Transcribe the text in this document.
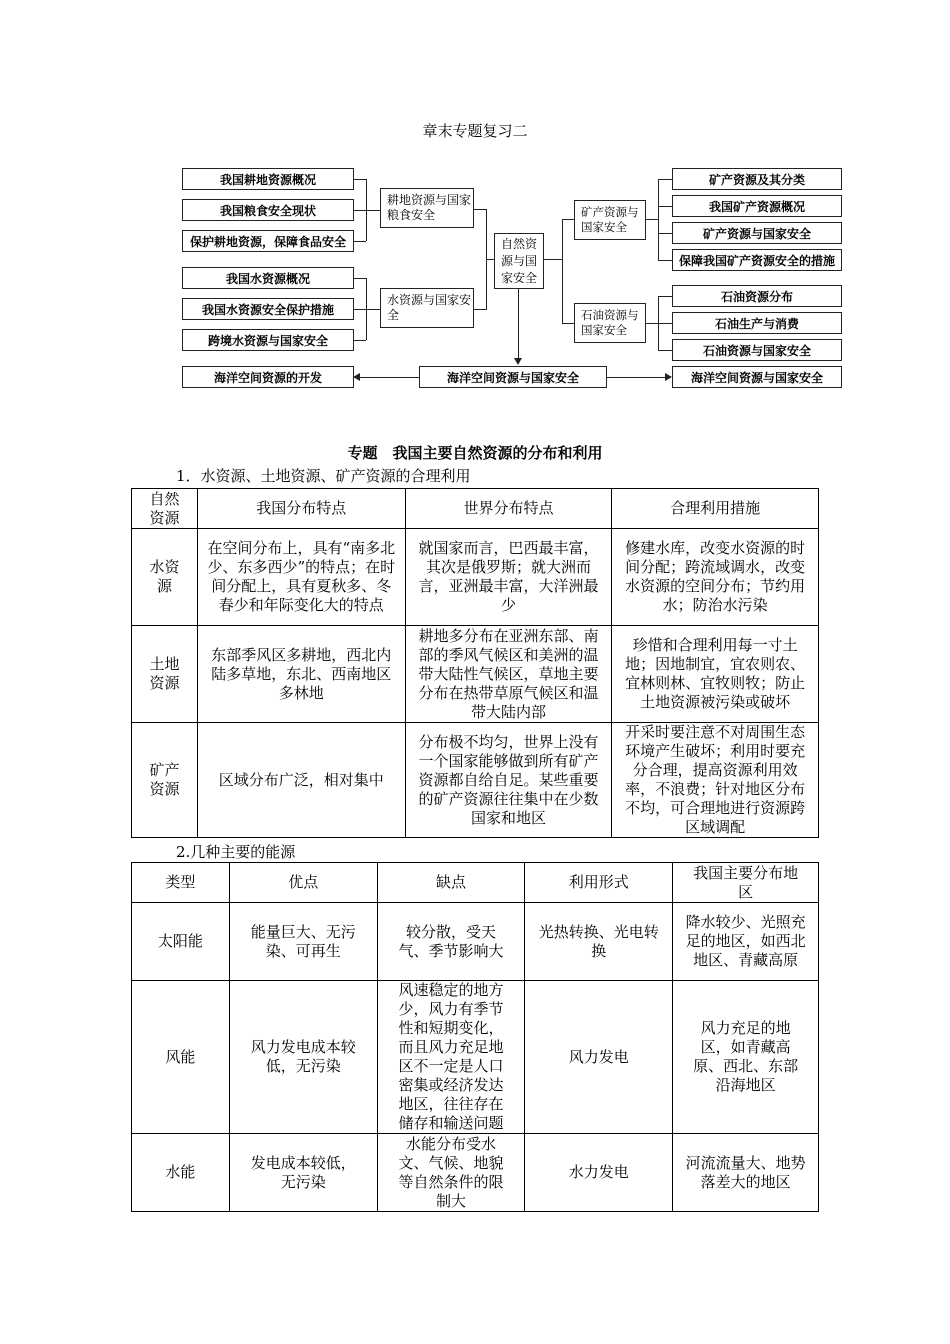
章末专题复习二
我国耕地资源概况
我国粮食安全现状
保护耕地资源，保障食品安全
耕地资源与国家粮食安全
我国水资源概况
我国水资源安全保护措施
跨境水资源与国家安全
水资源与国家安全
自然资源与国家安全
矿产资源与国家安全
石油资源与国家安全
矿产资源及其分类
我国矿产资源概况
矿产资源与国家安全
保障我国矿产资源安全的措施
石油资源分布
石油生产与消费
石油资源与国家安全
海洋空间资源与国家安全
海洋空间资源的开发	海洋空间资源与国家安全
专题　我国主要自然资源的分布和利用
1．水资源、土地资源、矿产资源的合理利用
自然资源	我国分布特点	世界分布特点	合理利用措施
水资源	在空间分布上，具有“南多北少、东多西少”的特点；在时间分配上，具有夏秋多、冬春少和年际变化大的特点	就国家而言，巴西最丰富，其次是俄罗斯；就大洲而言，亚洲最丰富，大洋洲最少	修建水库，改变水资源的时间分配；跨流域调水，改变水资源的空间分布；节约用水；防治水污染
土地资源	东部季风区多耕地，西北内陆多草地，东北、西南地区多林地	耕地多分布在亚洲东部、南部的季风气候区和美洲的温带大陆性气候区，草地主要分布在热带草原气候区和温带大陆内部	珍惜和合理利用每一寸土地；因地制宜，宜农则农、宜林则林、宜牧则牧；防止土地资源被污染或破坏
矿产资源	区域分布广泛，相对集中	分布极不均匀，世界上没有一个国家能够做到所有矿产资源都自给自足。某些重要的矿产资源往往集中在少数国家和地区	开采时要注意不对周围生态环境产生破坏；利用时要充分合理，提高资源利用效率，不浪费；针对地区分布不均，可合理地进行资源跨区域调配
2.几种主要的能源
类型	优点	缺点	利用形式	我国主要分布地区
太阳能	能量巨大、无污染、可再生	较分散，受天气、季节影响大	光热转换、光电转换	降水较少、光照充足的地区，如西北地区、青藏高原
风能	风力发电成本较低，无污染	风速稳定的地方少，风力有季节性和短期变化，而且风力充足地区不一定是人口密集或经济发达地区，往往存在储存和输送问题	风力发电	风力充足的地区，如青藏高原、西北、东部沿海地区
水能	发电成本较低，无污染	水能分布受水文、气候、地貌等自然条件的限制大	水力发电	河流流量大、地势落差大的地区
